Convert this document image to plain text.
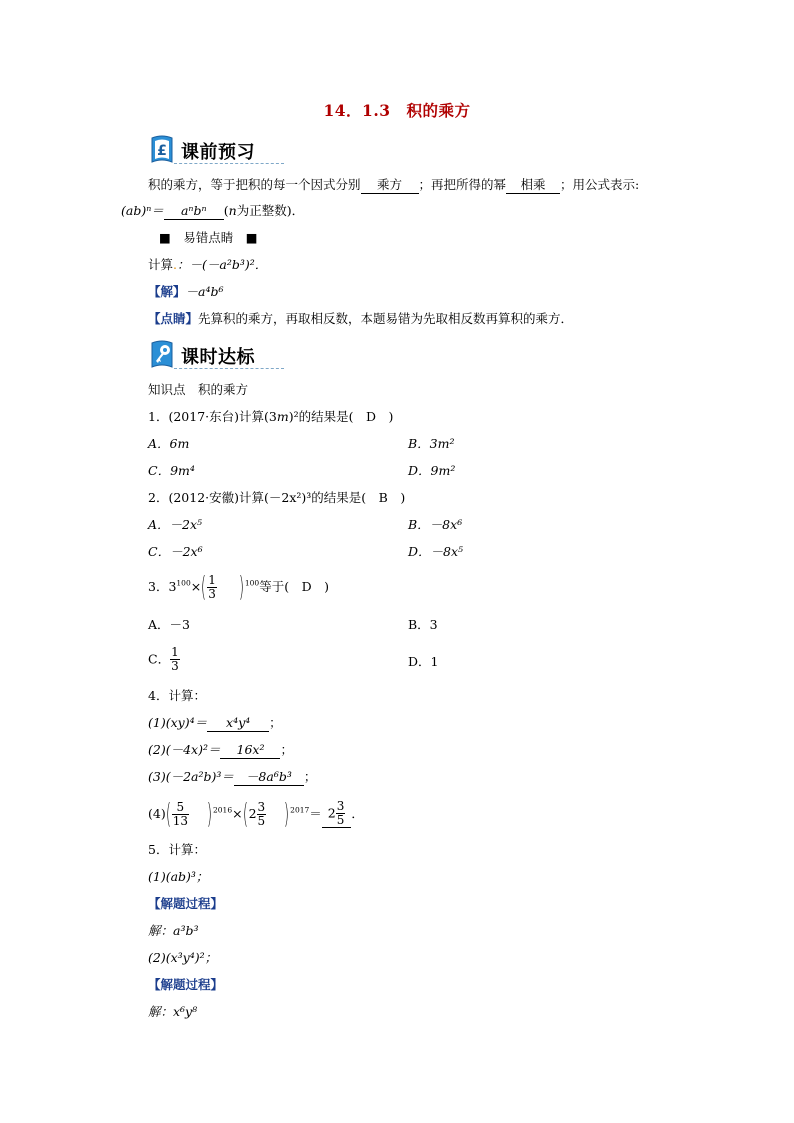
14．1.3　积的乘方
£ 课前预习
积的乘方，等于把积的每一个因式分别 乘方 ；再把所得的幂 相乘 ；用公式表示:
(ab)ⁿ＝ aⁿbⁿ (n为正整数)．
■　易错点睛　■
计算.：－(－a²b³)²．
【解】－a⁴b⁶
【点睛】先算积的乘方，再取相反数，本题易错为先取相反数再算积的乘方．
课时达标
知识点　积的乘方
1．(2017·东台)计算(3m)²的结果是(　D　)
A．6m	B．3m²
C．9m⁴	D．9m²
2．(2012·安徽)计算(－2x²)³的结果是(　B　)
A．－2x⁵	B．－8x⁶
C．－2x⁶	D．－8x⁵
3．$3^{100}\times( \frac{1}{3} )^{100}$等于(　D　)
A．－3	B．3
C． $\frac{1}{3}$	D．1
4．计算：
(1)(xy)⁴＝ x⁴y⁴ ；
(2)(－4x)²＝ 16x² ；
(3)(－2a²b)³＝ －8a⁶b³ ；
$(4)( \frac{5}{13} )^{2016}\times(2 \frac{3}{5} )^{2017}= 2 \frac{3}{5}$ ．
5．计算：
(1)(ab)³；
【解题过程】
解：a³b³
(2)(x³y⁴)²；
【解题过程】
解：x⁶y⁸
